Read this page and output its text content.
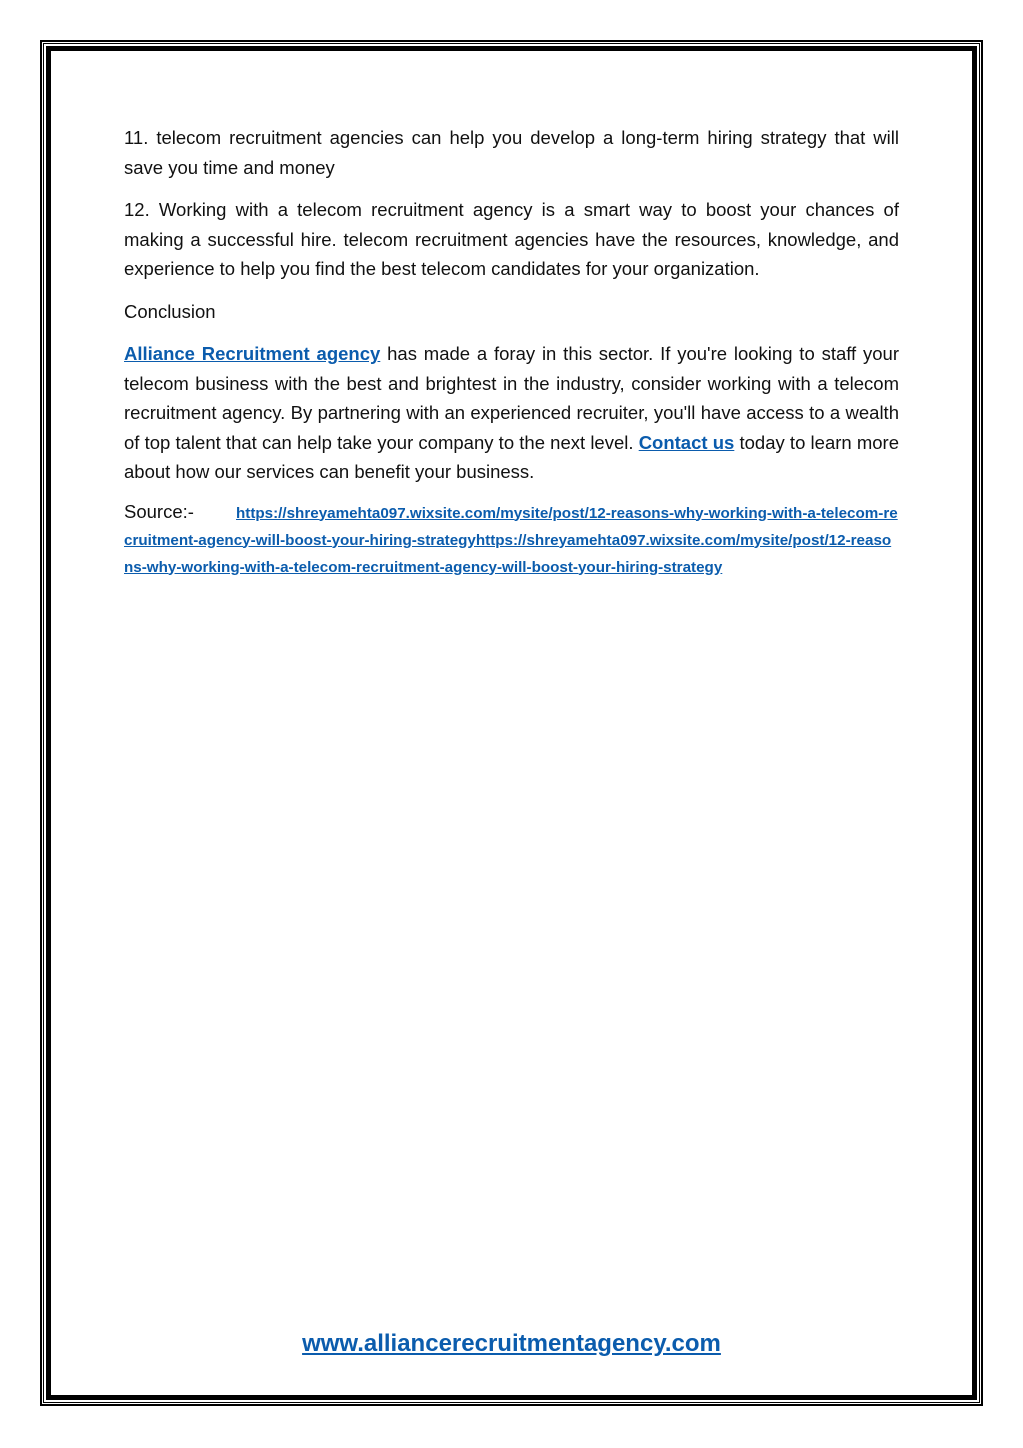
11. telecom recruitment agencies can help you develop a long-term hiring strategy that will save you time and money

12. Working with a telecom recruitment agency is a smart way to boost your chances of making a successful hire. telecom recruitment agencies have the resources, knowledge, and experience to help you find the best telecom candidates for your organization.

Conclusion

Alliance Recruitment agency has made a foray in this sector. If you're looking to staff your telecom business with the best and brightest in the industry, consider working with a telecom recruitment agency. By partnering with an experienced recruiter, you'll have access to a wealth of top talent that can help take your company to the next level. Contact us today to learn more about how our services can benefit your business.

Source:-	https://shreyamehta097.wixsite.com/mysite/post/12-reasons-why-working-with-a-telecom-recruitment-agency-will-boost-your-hiring-strategyhttps://shreyamehta097.wixsite.com/mysite/post/12-reasons-why-working-with-a-telecom-recruitment-agency-will-boost-your-hiring-strategy
www.alliancerecruitmentagency.com
